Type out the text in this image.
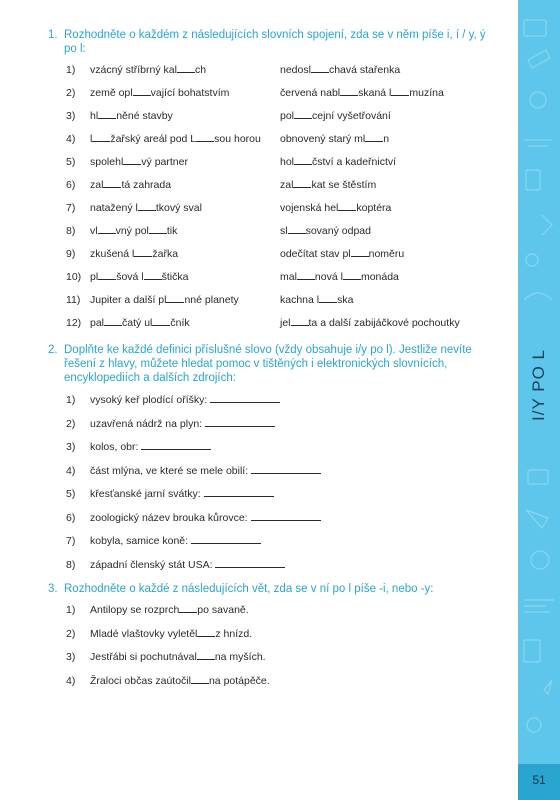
1. Rozhodněte o každém z následujících slovních spojení, zda se v něm píše i, í / y, ý po l:
1) vzácný stříbrný kal ch
2) země opl vající bohatstvím
3) hl něné stavby
4) l žařský areál pod L sou horou
5) spolehl vý partner
6) zal tá zahrada
7) natažený l tkový sval
8) vl vný pol tik
9) zkušená l žařka
10) pl šová l štička
11) Jupiter a další pl nné planety
12) pal čatý ul čník
nedosl chavá stařenka
červená nabl skaná l muzína
pol cejní vyšetřování
obnovený starý ml n
hol čství a kadeřnictví
zal kat se štěstím
vojenská hel koptéra
sl sovaný odpad
odečítat stav pl noměru
mal nová l monáda
kachna l ska
jel ta a další zabijáčkové pochoutky
2. Doplňte ke každé definici příslušné slovo (vždy obsahuje i/y po l). Jestliže nevíte řešení z hlavy, můžete hledat pomoc v tištěných i elektronických slovnících, encyklopediích a dalších zdrojích:
1) vysoký keř plodící oříšky:
2) uzavřená nádrž na plyn:
3) kolos, obr:
4) část mlýna, ve které se mele obilí:
5) křesťanské jarní svátky:
6) zoologický název brouka kůrovce:
7) kobyla, samice koně:
8) západní členský stát USA:
3. Rozhodněte o každé z následujících vět, zda se v ní po l píše -i, nebo -y:
1) Antilopy se rozprch po savaně.
2) Mladé vlaštovky vyletěl z hnízd.
3) Jestřábi si pochutnával na myších.
4) Žraloci občas zaútočil na potápěče.
I/Y PO L
51
